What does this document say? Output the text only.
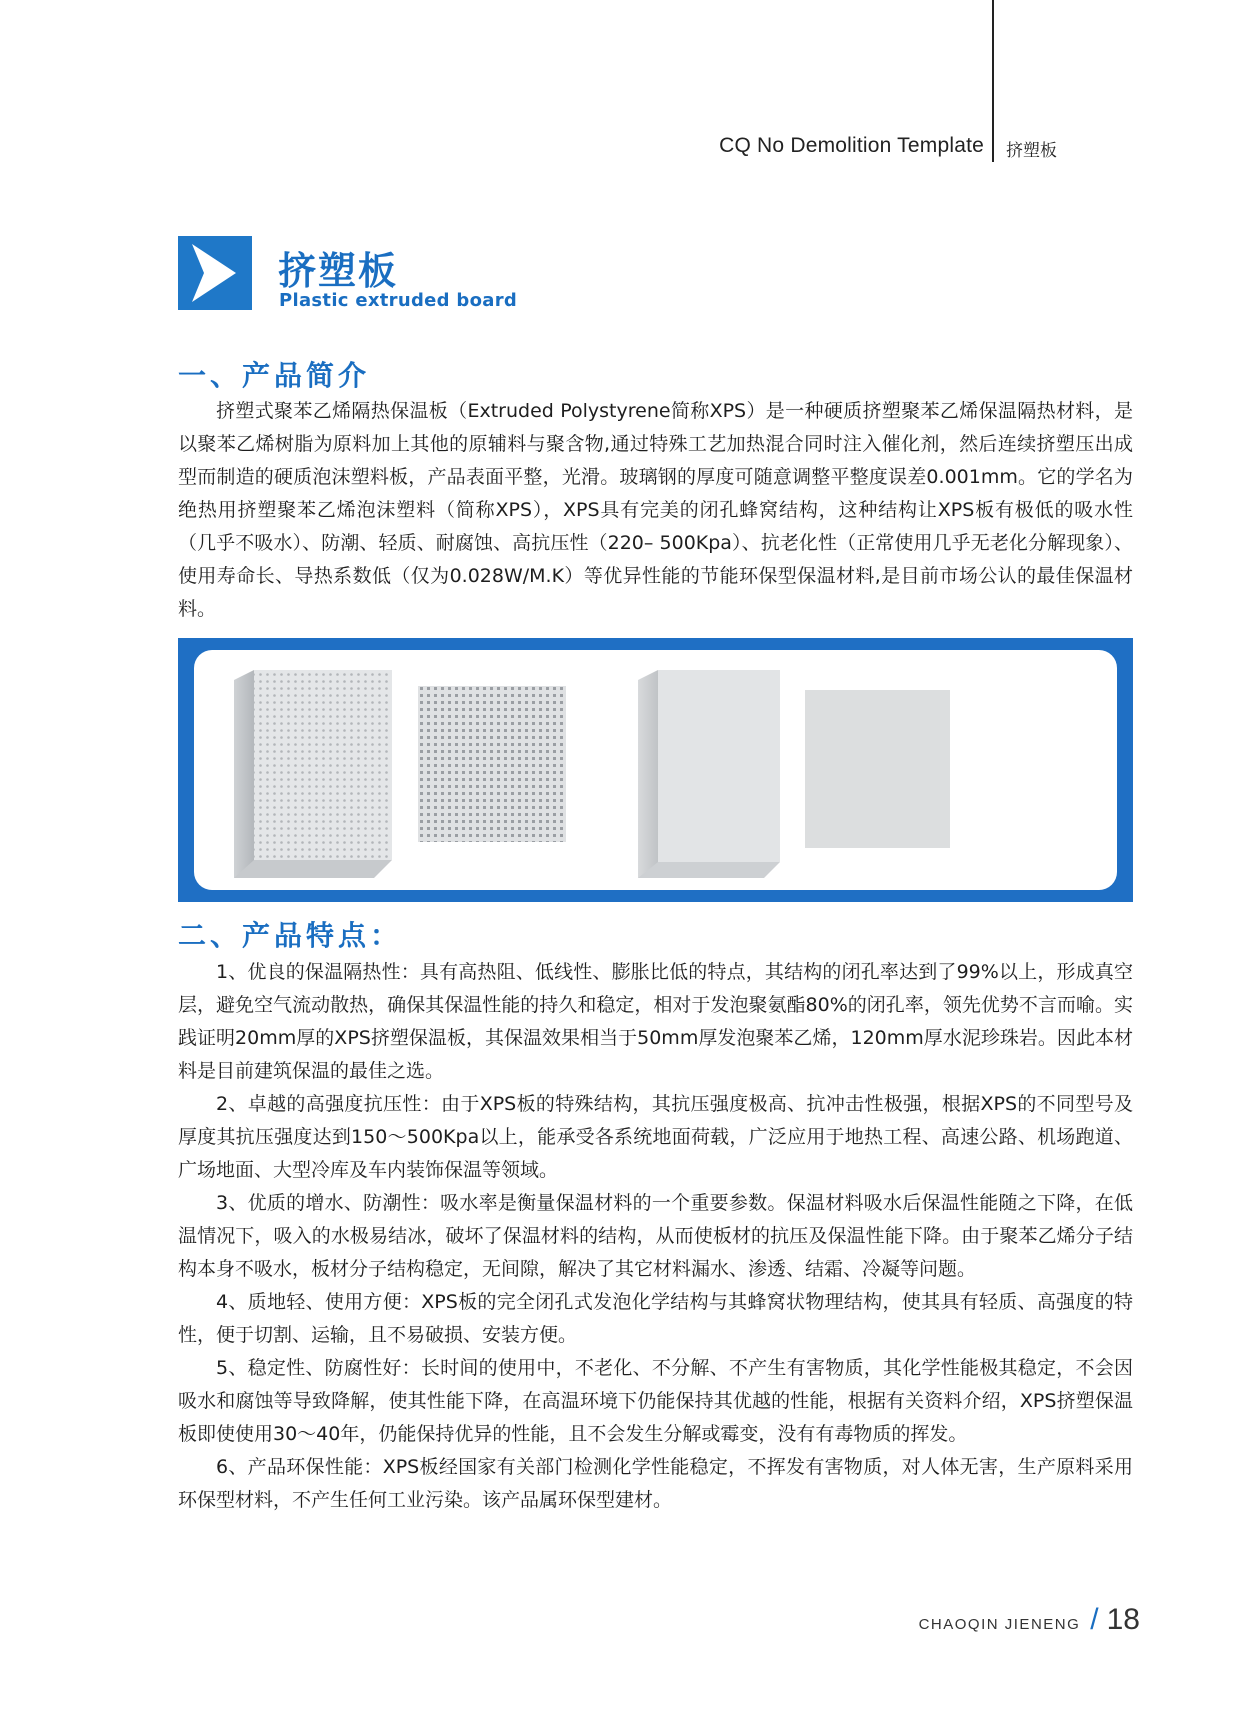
CQ No Demolition Template 挤塑板
挤塑板
Plastic extruded board
一、产品简介

挤塑式聚苯乙烯隔热保温板（Extruded Polystyrene简称XPS）是一种硬质挤塑聚苯乙烯保温隔热材料，是以聚苯乙烯树脂为原料加上其他的原辅料与聚含物,通过特殊工艺加热混合同时注入催化剂，然后连续挤塑压出成型而制造的硬质泡沫塑料板，产品表面平整，光滑。玻璃钢的厚度可随意调整平整度误差0.001mm。它的学名为绝热用挤塑聚苯乙烯泡沫塑料（简称XPS），XPS具有完美的闭孔蜂窝结构，这种结构让XPS板有极低的吸水性（几乎不吸水）、防潮、轻质、耐腐蚀、高抗压性（220– 500Kpa）、抗老化性（正常使用几乎无老化分解现象）、使用寿命长、导热系数低（仅为0.028W/M.K）等优异性能的节能环保型保温材料,是目前市场公认的最佳保温材料。

二、产品特点：

1、优良的保温隔热性：具有高热阻、低线性、膨胀比低的特点，其结构的闭孔率达到了99%以上，形成真空层，避免空气流动散热，确保其保温性能的持久和稳定，相对于发泡聚氨酯80%的闭孔率，领先优势不言而喻。实践证明20mm厚的XPS挤塑保温板，其保温效果相当于50mm厚发泡聚苯乙烯，120mm厚水泥珍珠岩。因此本材料是目前建筑保温的最佳之选。

2、卓越的高强度抗压性：由于XPS板的特殊结构，其抗压强度极高、抗冲击性极强，根据XPS的不同型号及厚度其抗压强度达到150～500Kpa以上，能承受各系统地面荷载，广泛应用于地热工程、高速公路、机场跑道、广场地面、大型冷库及车内装饰保温等领域。

3、优质的增水、防潮性：吸水率是衡量保温材料的一个重要参数。保温材料吸水后保温性能随之下降，在低温情况下，吸入的水极易结冰，破坏了保温材料的结构，从而使板材的抗压及保温性能下降。由于聚苯乙烯分子结构本身不吸水，板材分子结构稳定，无间隙，解决了其它材料漏水、渗透、结霜、冷凝等问题。

4、质地轻、使用方便：XPS板的完全闭孔式发泡化学结构与其蜂窝状物理结构，使其具有轻质、高强度的特性，便于切割、运输，且不易破损、安装方便。

5、稳定性、防腐性好：长时间的使用中，不老化、不分解、不产生有害物质，其化学性能极其稳定，不会因吸水和腐蚀等导致降解，使其性能下降，在高温环境下仍能保持其优越的性能，根据有关资料介绍，XPS挤塑保温板即使使用30～40年，仍能保持优异的性能，且不会发生分解或霉变，没有有毒物质的挥发。

6、产品环保性能：XPS板经国家有关部门检测化学性能稳定，不挥发有害物质，对人体无害，生产原料采用环保型材料，不产生任何工业污染。该产品属环保型建材。

CHAOQIN JIENENG / 18
